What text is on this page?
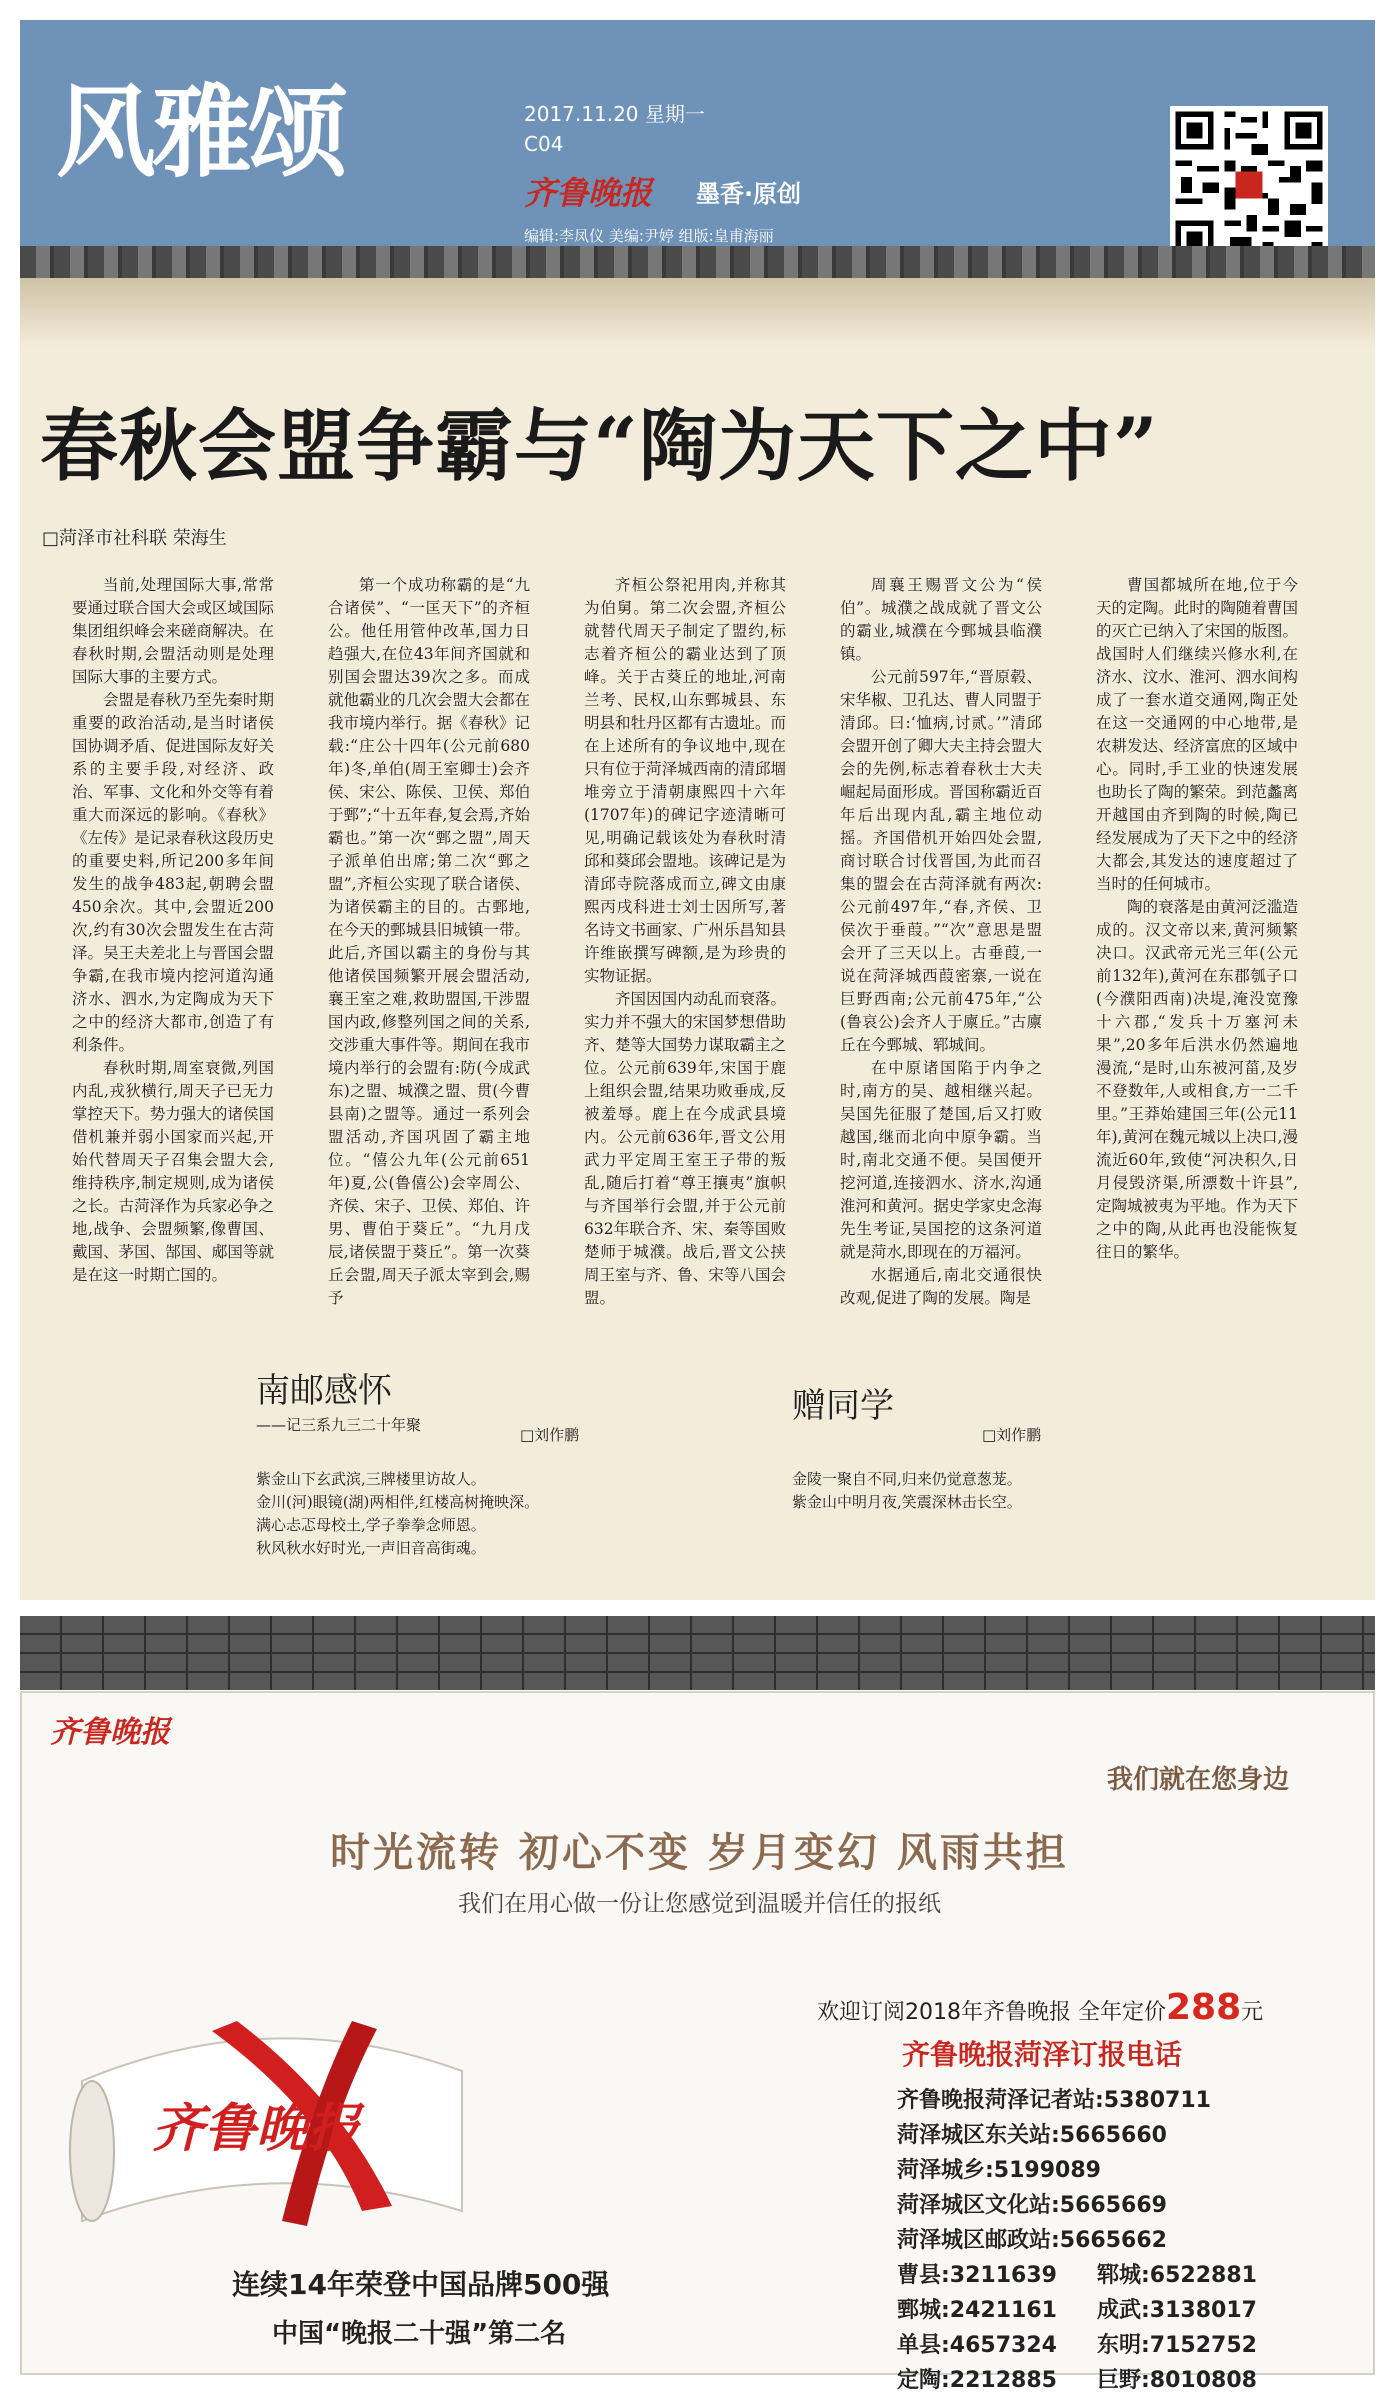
风雅颂	2017.11.20 星期一
C04
齐鲁晚报 墨香·原创
编辑:李凤仪 美编:尹婷 组版:皇甫海丽
春秋会盟争霸与“陶为天下之中”
□菏泽市社科联 荣海生

当前,处理国际大事,常常要通过联合国大会或区域国际集团组织峰会来磋商解决。在春秋时期,会盟活动则是处理国际大事的主要方式。

会盟是春秋乃至先秦时期重要的政治活动,是当时诸侯国协调矛盾、促进国际友好关系的主要手段,对经济、政治、军事、文化和外交等有着重大而深远的影响。《春秋》《左传》是记录春秋这段历史的重要史料,所记200多年间发生的战争483起,朝聘会盟450余次。其中,会盟近200次,约有30次会盟发生在古菏泽。吴王夫差北上与晋国会盟争霸,在我市境内挖河道沟通济水、泗水,为定陶成为天下之中的经济大都市,创造了有利条件。

春秋时期,周室衰微,列国内乱,戎狄横行,周天子已无力掌控天下。势力强大的诸侯国借机兼并弱小国家而兴起,开始代替周天子召集会盟大会,维持秩序,制定规则,成为诸侯之长。古菏泽作为兵家必争之地,战争、会盟频繁,像曹国、戴国、茅国、郜国、郕国等就是在这一时期亡国的。

第一个成功称霸的是“九合诸侯”、“一匡天下”的齐桓公。他任用管仲改革,国力日趋强大,在位43年间齐国就和别国会盟达39次之多。而成就他霸业的几次会盟大会都在我市境内举行。据《春秋》记载:“庄公十四年(公元前680年)冬,单伯(周王室卿士)会齐侯、宋公、陈侯、卫侯、郑伯于鄄”;“十五年春,复会焉,齐始霸也。”第一次“鄄之盟”,周天子派单伯出席;第二次“鄄之盟”,齐桓公实现了联合诸侯、为诸侯霸主的目的。古鄄地,在今天的鄄城县旧城镇一带。此后,齐国以霸主的身份与其他诸侯国频繁开展会盟活动,襄王室之难,救助盟国,干涉盟国内政,修整列国之间的关系,交涉重大事件等。期间在我市境内举行的会盟有:防(今成武东)之盟、城濮之盟、贯(今曹县南)之盟等。通过一系列会盟活动,齐国巩固了霸主地位。“僖公九年(公元前651年)夏,公(鲁僖公)会宰周公、齐侯、宋子、卫侯、郑伯、许男、曹伯于葵丘”。“九月戊辰,诸侯盟于葵丘”。第一次葵丘会盟,周天子派太宰到会,赐予

齐桓公祭祀用肉,并称其为伯舅。第二次会盟,齐桓公就替代周天子制定了盟约,标志着齐桓公的霸业达到了顶峰。关于古葵丘的地址,河南兰考、民权,山东鄄城县、东明县和牡丹区都有古遗址。而在上述所有的争议地中,现在只有位于菏泽城西南的清邱堌堆旁立于清朝康熙四十六年(1707年)的碑记字迹清晰可见,明确记载该处为春秋时清邱和葵邱会盟地。该碑记是为清邱寺院落成而立,碑文由康熙丙戌科进士刘士因所写,著名诗文书画家、广州乐昌知县许维嵌撰写碑额,是为珍贵的实物证据。

齐国因国内动乱而衰落。实力并不强大的宋国梦想借助齐、楚等大国势力谋取霸主之位。公元前639年,宋国于鹿上组织会盟,结果功败垂成,反被羞辱。鹿上在今成武县境内。公元前636年,晋文公用武力平定周王室王子带的叛乱,随后打着“尊王攘夷”旗帜与齐国举行会盟,并于公元前632年联合齐、宋、秦等国败楚师于城濮。战后,晋文公挟周王室与齐、鲁、宋等八国会盟。

周襄王赐晋文公为“侯伯”。城濮之战成就了晋文公的霸业,城濮在今鄄城县临濮镇。

公元前597年,“晋原毂、宋华椒、卫孔达、曹人同盟于清邱。曰:‘恤病,讨贰。’”清邱会盟开创了卿大夫主持会盟大会的先例,标志着春秋士大夫崛起局面形成。晋国称霸近百年后出现内乱,霸主地位动摇。齐国借机开始四处会盟,商讨联合讨伐晋国,为此而召集的盟会在古菏泽就有两次:公元前497年,“春,齐侯、卫侯次于垂葭。”“次”意思是盟会开了三天以上。古垂葭,一说在菏泽城西葭密寨,一说在巨野西南;公元前475年,“公(鲁哀公)会齐人于廪丘。”古廪丘在今鄄城、郓城间。

在中原诸国陷于内争之时,南方的吴、越相继兴起。吴国先征服了楚国,后又打败越国,继而北向中原争霸。当时,南北交通不便。吴国便开挖河道,连接泗水、济水,沟通淮河和黄河。据史学家史念海先生考证,吴国挖的这条河道就是菏水,即现在的万福河。

水据通后,南北交通很快改观,促进了陶的发展。陶是

曹国都城所在地,位于今天的定陶。此时的陶随着曹国的灭亡已纳入了宋国的版图。战国时人们继续兴修水利,在济水、汶水、淮河、泗水间构成了一套水道交通网,陶正处在这一交通网的中心地带,是农耕发达、经济富庶的区域中心。同时,手工业的快速发展也助长了陶的繁荣。到范蠡离开越国由齐到陶的时候,陶已经发展成为了天下之中的经济大都会,其发达的速度超过了当时的任何城市。

陶的衰落是由黄河泛滥造成的。汉文帝以来,黄河频繁决口。汉武帝元光三年(公元前132年),黄河在东郡瓠子口(今濮阳西南)决堤,淹没宽豫十六郡,“发兵十万塞河未果”,20多年后洪水仍然遍地漫流,“是时,山东被河菑,及岁不登数年,人或相食,方一二千里。”王莽始建国三年(公元11年),黄河在魏元城以上决口,漫流近60年,致使“河决积久,日月侵毁济渠,所漂数十许县”,定陶城被夷为平地。作为天下之中的陶,从此再也没能恢复往日的繁华。

南邮感怀
——记三系九三二十年聚
□刘作鹏
紫金山下玄武滨,三牌楼里访故人。
金川(河)眼镜(湖)两相伴,红楼高树掩映深。
满心忐忑母校土,学子拳拳念师恩。
秋风秋水好时光,一声旧音高街魂。
赠同学
□刘作鹏
金陵一聚自不同,归来仍觉意葱茏。
紫金山中明月夜,笑震深林击长空。
齐鲁晚报
我们就在您身边
时光流转 初心不变 岁月变幻 风雨共担
我们在用心做一份让您感觉到温暖并信任的报纸
齐鲁晚报
欢迎订阅2018年齐鲁晚报 全年定价288元
齐鲁晚报菏泽订报电话
齐鲁晚报菏泽记者站:5380711
菏泽城区东关站:5665660
菏泽城乡:5199089
菏泽城区文化站:5665669
菏泽城区邮政站:5665662
曹县:3211639 郓城:6522881
鄄城:2421161 成武:3138017
单县:4657324 东明:7152752
定陶:2212885 巨野:8010808
连续14年荣登中国品牌500强
中国“晚报二十强”第二名
